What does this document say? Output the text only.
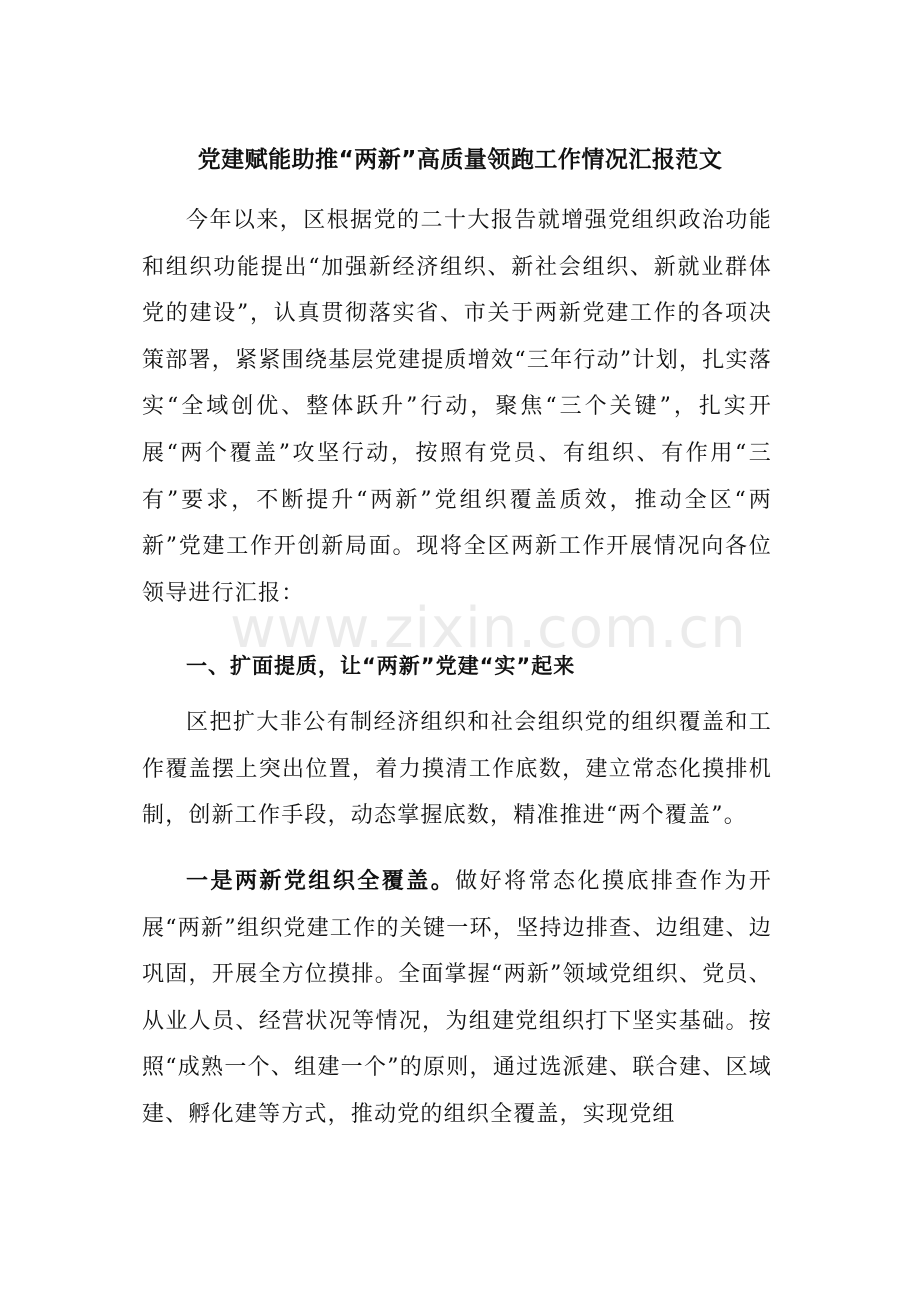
www.zixin.com.cn
党建赋能助推“两新”高质量领跑工作情况汇报范文

今年以来，区根据党的二十大报告就增强党组织政治功能和组织功能提出“加强新经济组织、新社会组织、新就业群体党的建设”，认真贯彻落实省、市关于两新党建工作的各项决策部署，紧紧围绕基层党建提质增效“三年行动”计划，扎实落实“全域创优、整体跃升”行动，聚焦“三个关键”，扎实开展“两个覆盖”攻坚行动，按照有党员、有组织、有作用“三有”要求，不断提升“两新”党组织覆盖质效，推动全区“两新”党建工作开创新局面。现将全区两新工作开展情况向各位领导进行汇报：

一、扩面提质，让“两新”党建“实”起来

区把扩大非公有制经济组织和社会组织党的组织覆盖和工作覆盖摆上突出位置，着力摸清工作底数，建立常态化摸排机制，创新工作手段，动态掌握底数，精准推进“两个覆盖”。

一是两新党组织全覆盖。做好将常态化摸底排查作为开展“两新”组织党建工作的关键一环，坚持边排查、边组建、边巩固，开展全方位摸排。全面掌握“两新”领域党组织、党员、从业人员、经营状况等情况，为组建党组织打下坚实基础。按照“成熟一个、组建一个”的原则，通过选派建、联合建、区域建、孵化建等方式，推动党的组织全覆盖，实现党组
